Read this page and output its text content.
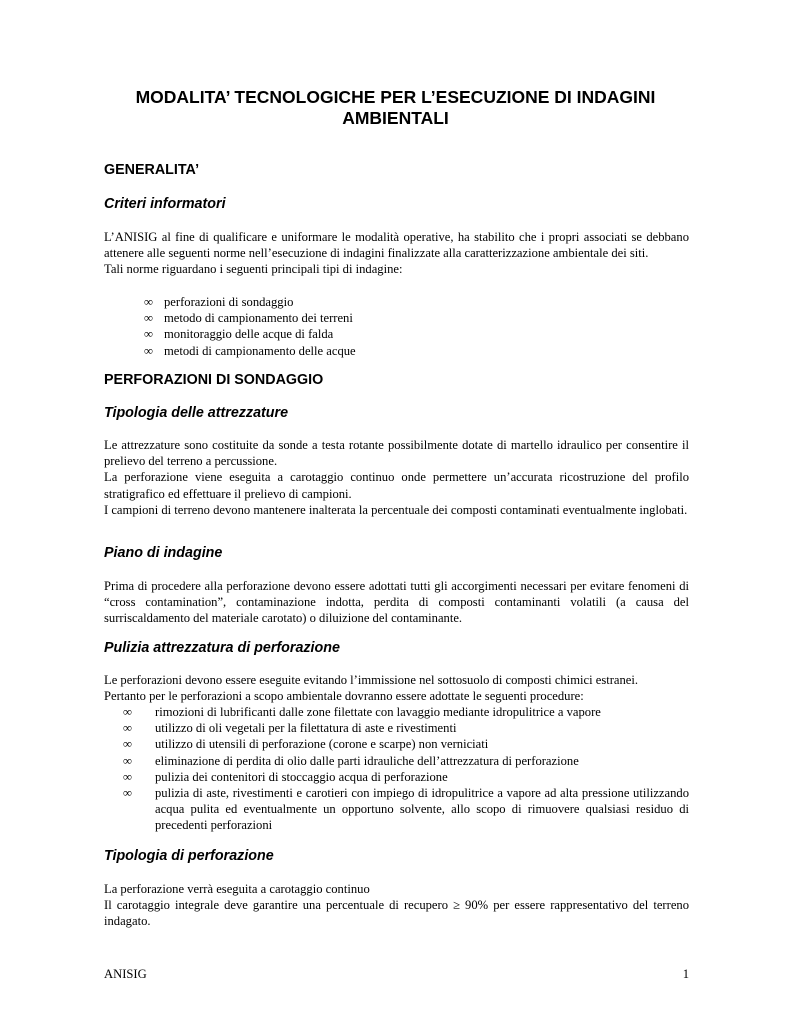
MODALITA’ TECNOLOGICHE PER L’ESECUZIONE DI INDAGINI AMBIENTALI
GENERALITA’
Criteri informatori

L’ANISIG al fine di qualificare e uniformare le modalità operative, ha stabilito che i propri associati se debbano attenere alle seguenti norme nell’esecuzione di indagini finalizzate alla caratterizzazione ambientale dei siti.

Tali norme riguardano i seguenti principali tipi di indagine:

∞ perforazioni di sondaggio
∞ metodo di campionamento dei terreni
∞ monitoraggio delle acque di falda
∞ metodi di campionamento delle acque
PERFORAZIONI DI SONDAGGIO
Tipologia delle attrezzature

Le attrezzature sono costituite da sonde a testa rotante possibilmente dotate di martello idraulico per consentire il prelievo del terreno a percussione.

La perforazione viene eseguita a carotaggio continuo onde permettere un’accurata ricostruzione del profilo stratigrafico ed effettuare il prelievo di campioni.

I campioni di terreno devono mantenere inalterata la percentuale dei composti contaminati eventualmente inglobati.

Piano di indagine

Prima di procedere alla perforazione devono essere adottati tutti gli accorgimenti necessari per evitare fenomeni di “cross contamination”, contaminazione indotta, perdita di composti contaminanti volatili (a causa del surriscaldamento del materiale carotato) o diluizione del contaminante.

Pulizia attrezzatura di perforazione

Le perforazioni devono essere eseguite evitando l’immissione nel sottosuolo di composti chimici estranei.

Pertanto per le perforazioni a scopo ambientale dovranno essere adottate le seguenti procedure:

∞ rimozioni di lubrificanti dalle zone filettate con lavaggio mediante idropulitrice a vapore
∞ utilizzo di oli vegetali per la filettatura di aste e rivestimenti
∞ utilizzo di utensili di perforazione (corone e scarpe) non verniciati
∞ eliminazione di perdita di olio dalle parti idrauliche dell’attrezzatura di perforazione
∞ pulizia dei contenitori di stoccaggio acqua di perforazione
∞ pulizia di aste, rivestimenti e carotieri con impiego di idropulitrice a vapore ad alta pressione utilizzando acqua pulita ed eventualmente un opportuno solvente, allo scopo di rimuovere qualsiasi residuo di precedenti perforazioni
Tipologia di perforazione

La perforazione verrà eseguita a carotaggio continuo

Il carotaggio integrale deve garantire una percentuale di recupero ≥ 90% per essere rappresentativo del terreno indagato.

ANISIG	1
